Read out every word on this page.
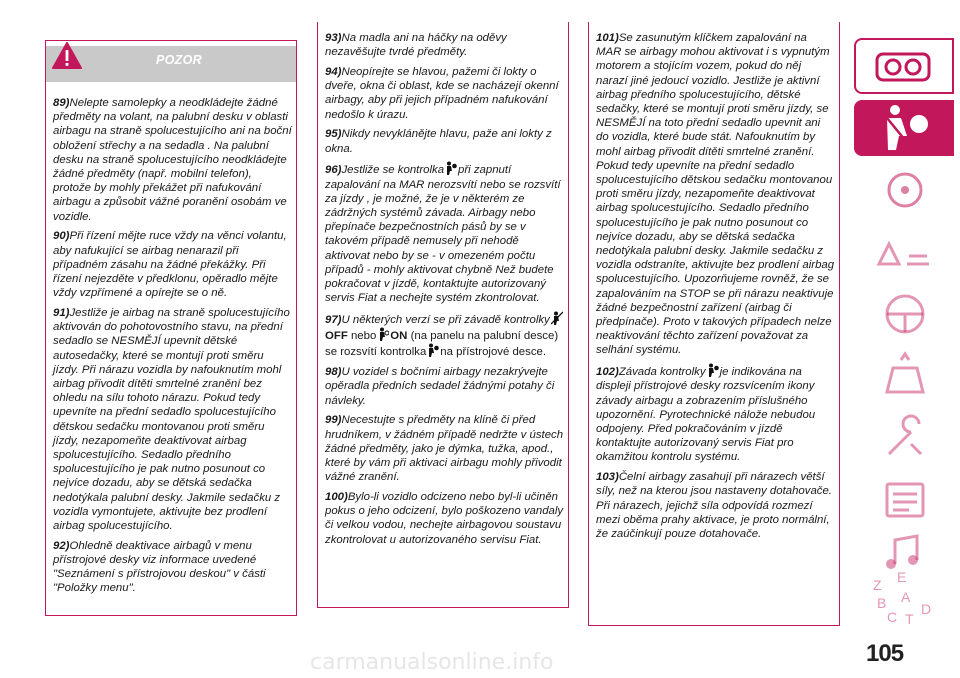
POZOR

89)Nelepte samolepky a neodkládejte žádné předměty na volant, na palubní desku v oblasti airbagu na straně spolucestujícího ani na boční obložení střechy a na sedadla . Na palubní desku na straně spolucestujícího neodkládejte žádné předměty (např. mobilní telefon), protože by mohly překážet při nafukování airbagu a způsobit vážné poranění osobám ve vozidle.

90)Při řízení mějte ruce vždy na věnci volantu, aby nafukující se airbag nenarazil při případném zásahu na žádné překážky. Při řízení nejezděte v předklonu, opěradlo mějte vždy vzpřímené a opírejte se o ně.

91)Jestliže je airbag na straně spolucestujícího aktivován do pohotovostního stavu, na přední sedadlo se NESMĚJÍ upevnit dětské autosedačky, které se montují proti směru jízdy. Při nárazu vozidla by nafouknutím mohl airbag přivodit dítěti smrtelné zranění bez ohledu na sílu tohoto nárazu. Pokud tedy upevníte na přední sedadlo spolucestujícího dětskou sedačku montovanou proti směru jízdy, nezapomeňte deaktivovat airbag spolucestujícího. Sedadlo předního spolucestujícího je pak nutno posunout co nejvíce dozadu, aby se dětská sedačka nedotýkala palubní desky. Jakmile sedačku z vozidla vymontujete, aktivujte bez prodlení airbag spolucestujícího.

92)Ohledně deaktivace airbagů v menu přístrojové desky viz informace uvedené "Seznámení s přístrojovou deskou" v části "Položky menu".

93)Na madla ani na háčky na oděvy nezavěšujte tvrdé předměty.

94)Neopírejte se hlavou, pažemi či lokty o dveře, okna či oblast, kde se nacházejí okenní airbagy, aby při jejich případném nafukování nedošlo k úrazu.

95)Nikdy nevyklánějte hlavu, paže ani lokty z okna.

96)Jestliže se kontrolka při zapnutí zapalování na MAR nerozsvítí nebo se rozsvítí za jízdy , je možné, že je v některém ze zádržných systémů závada. Airbagy nebo přepínače bezpečnostních pásů by se v takovém případě nemusely při nehodě aktivovat nebo by se - v omezeném počtu případů - mohly aktivovat chybně Než budete pokračovat v jízdě, kontaktujte autorizovaný servis Fiat a nechejte systém zkontrolovat.

97)U některých verzí se při závadě kontrolkyOFF nebo ON (na panelu na palubní desce) se rozsvítí kontrolka na přístrojové desce.

98)U vozidel s bočními airbagy nezakrývejte opěradla předních sedadel žádnými potahy či návleky.

99)Necestujte s předměty na klíně či před hrudníkem, v žádném případě nedržte v ústech žádné předměty, jako je dýmka, tužka, apod., které by vám při aktivaci airbagu mohly přivodit vážné zranění.

100)Bylo-li vozidlo odcizeno nebo byl-li učiněn pokus o jeho odcizení, bylo poškozeno vandaly či velkou vodou, nechejte airbagovou soustavu zkontrolovat u autorizovaného servisu Fiat.

101)Se zasunutým klíčkem zapalování na MAR se airbagy mohou aktivovat i s vypnutým motorem a stojícím vozem, pokud do něj narazí jiné jedoucí vozidlo. Jestliže je aktivní airbag předního spolucestujícího, dětské sedačky, které se montují proti směru jízdy, se NESMĚJÍ na toto přední sedadlo upevnit ani do vozidla, které bude stát. Nafouknutím by mohl airbag přivodit dítěti smrtelné zranění. Pokud tedy upevníte na přední sedadlo spolucestujícího dětskou sedačku montovanou proti směru jízdy, nezapomeňte deaktivovat airbag spolucestujícího. Sedadlo předního spolucestujícího je pak nutno posunout co nejvíce dozadu, aby se dětská sedačka nedotýkala palubní desky. Jakmile sedačku z vozidla odstraníte, aktivujte bez prodlení airbag spolucestujícího. Upozorňujeme rovněž, že se zapalováním na STOP se při nárazu neaktivuje žádné bezpečnostní zařízení (airbag či předpínače). Proto v takových případech nelze neaktivování těchto zařízení považovat za selhání systému.

102)Závada kontrolky je indikována na displeji přístrojové desky rozsvícením ikony závady airbagu a zobrazením příslušného upozornění. Pyrotechnické nálože nebudou odpojeny. Před pokračováním v jízdě kontaktujte autorizovaný servis Fiat pro okamžitou kontrolu systému.

103)Čelní airbagy zasahují při nárazech větší síly, než na kterou jsou nastaveny dotahovače. Při nárazech, jejichž síla odpovídá rozmezí mezi oběma prahy aktivace, je proto normální, že zaúčinkují pouze dotahovače.

Z E
B A
C T
D
105
carmanualsonline.info
